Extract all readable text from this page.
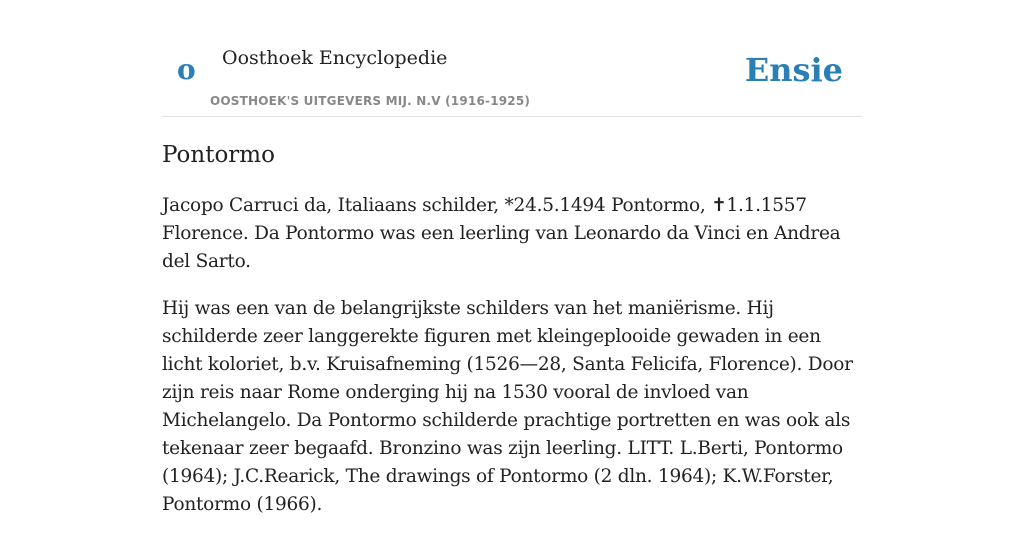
o Oosthoek Encyclopedie
OOSTHOEK'S UITGEVERS MIJ. N.V (1916-1925)
Ensie
Pontormo

Jacopo Carruci da, Italiaans schilder, *24.5.1494 Pontormo, ✝1.1.1557 Florence. Da Pontormo was een leerling van Leonardo da Vinci en Andrea del Sarto.

Hij was een van de belangrijkste schilders van het maniërisme. Hij schilderde zeer langgerekte figuren met kleingeplooide gewaden in een licht koloriet, b.v. Kruisafneming (1526—28, Santa Felicifa, Florence). Door zijn reis naar Rome onderging hij na 1530 vooral de invloed van Michelangelo. Da Pontormo schilderde prachtige portretten en was ook als tekenaar zeer begaafd. Bronzino was zijn leerling. LITT. L.Berti, Pontormo (1964); J.C.Rearick, The drawings of Pontormo (2 dln. 1964); K.W.Forster, Pontormo (1966).
